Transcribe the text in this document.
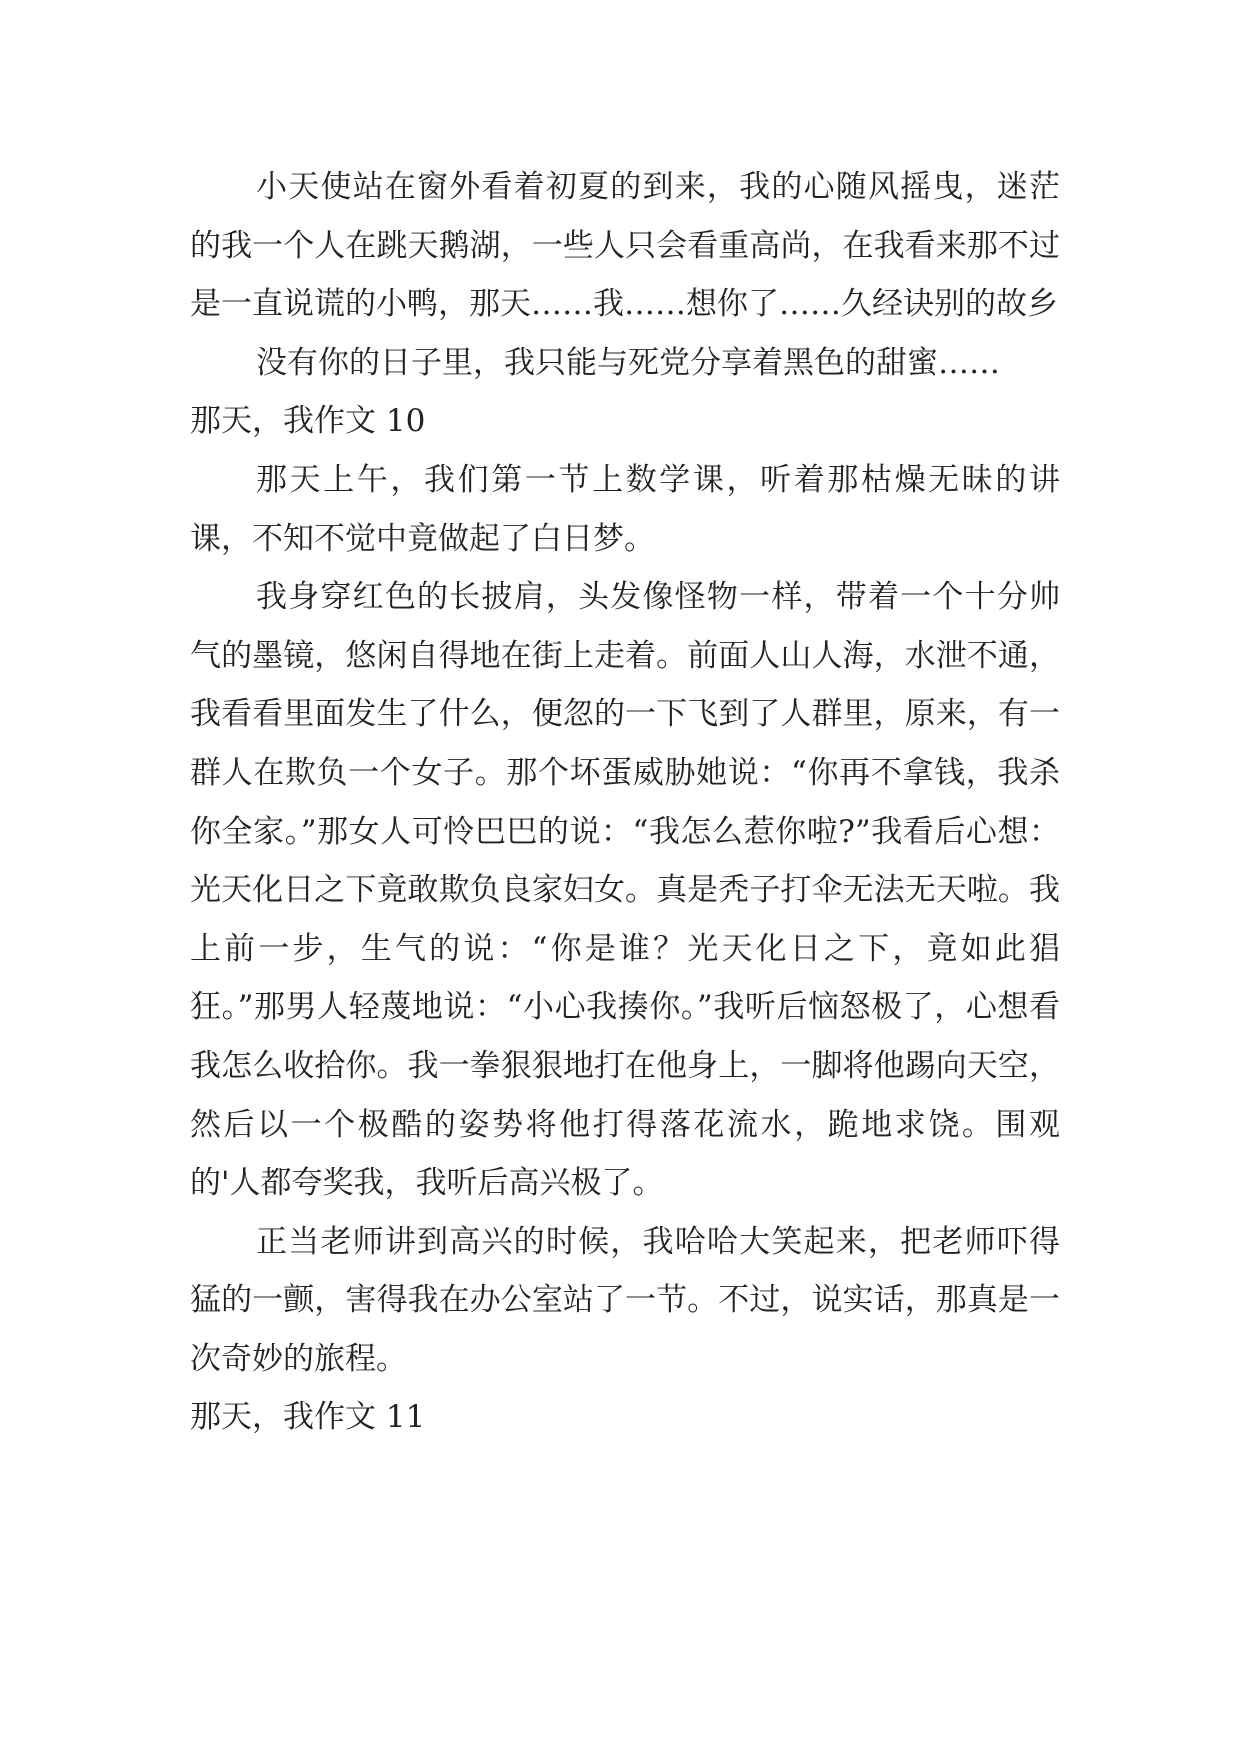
小天使站在窗外看着初夏的到来，我的心随风摇曳，迷茫的我一个人在跳天鹅湖，一些人只会看重高尚，在我看来那不过是一直说谎的小鸭，那天……我……想你了……久经诀别的故乡

没有你的日子里，我只能与死党分享着黑色的甜蜜……

那天，我作文 10

那天上午，我们第一节上数学课，听着那枯燥无昧的讲课，不知不觉中竟做起了白日梦。

我身穿红色的长披肩，头发像怪物一样，带着一个十分帅气的墨镜，悠闲自得地在街上走着。前面人山人海，水泄不通，我看看里面发生了什么，便忽的一下飞到了人群里，原来，有一群人在欺负一个女子。那个坏蛋威胁她说：“你再不拿钱，我杀你全家。”那女人可怜巴巴的说：“我怎么惹你啦?”我看后心想：光天化日之下竟敢欺负良家妇女。真是秃子打伞无法无天啦。我上前一步，生气的说：“你是谁？光天化日之下，竟如此猖狂。”那男人轻蔑地说：“小心我揍你。”我听后恼怒极了，心想看我怎么收拾你。我一拳狠狠地打在他身上，一脚将他踢向天空，然后以一个极酷的姿势将他打得落花流水，跪地求饶。围观的'人都夸奖我，我听后高兴极了。

正当老师讲到高兴的时候，我哈哈大笑起来，把老师吓得猛的一颤，害得我在办公室站了一节。不过，说实话，那真是一次奇妙的旅程。

那天，我作文 11
